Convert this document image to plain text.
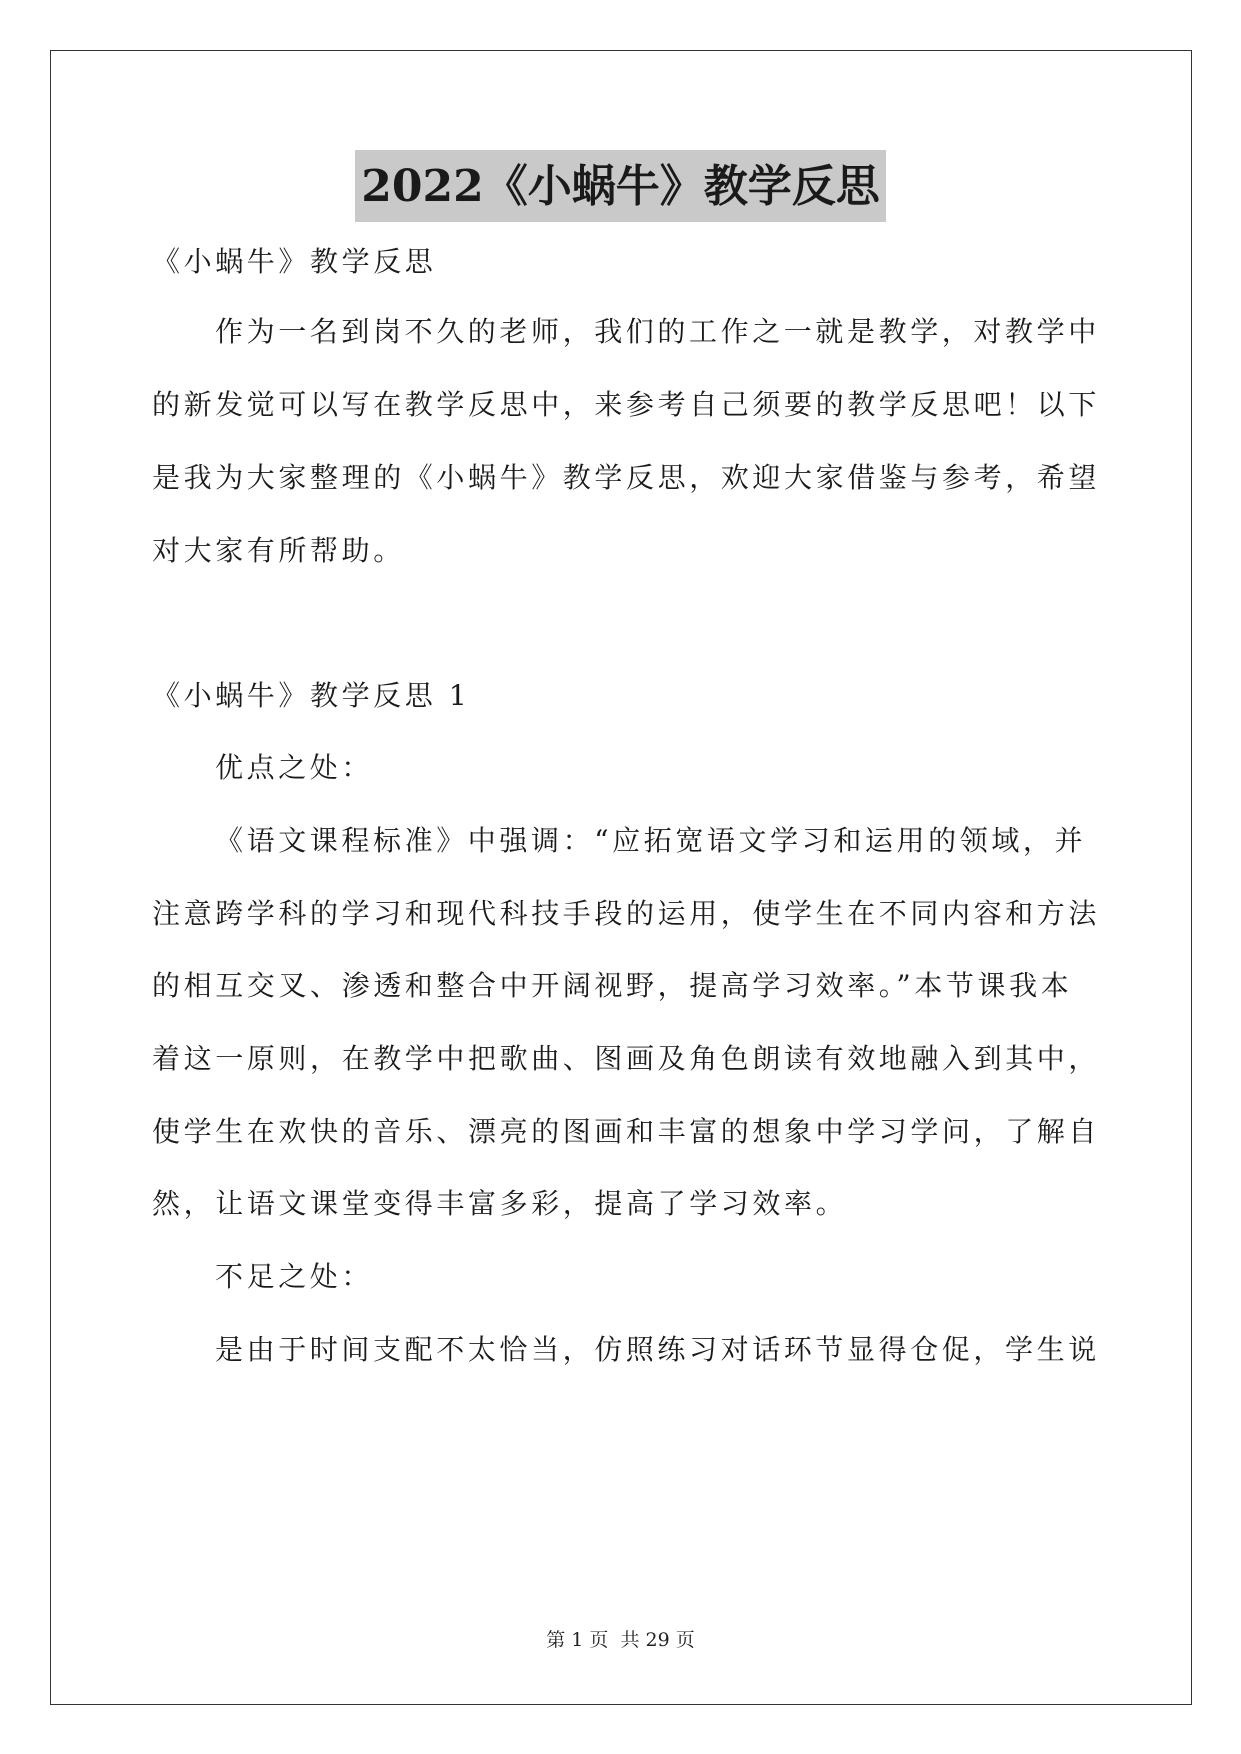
2022《小蜗牛》教学反思
《小蜗牛》教学反思
作为一名到岗不久的老师，我们的工作之一就是教学，对教学中
的新发觉可以写在教学反思中，来参考自己须要的教学反思吧！以下
是我为大家整理的《小蜗牛》教学反思，欢迎大家借鉴与参考，希望
对大家有所帮助。
《小蜗牛》教学反思 1
优点之处：
《语文课程标准》中强调：“应拓宽语文学习和运用的领域，并
注意跨学科的学习和现代科技手段的运用，使学生在不同内容和方法
的相互交叉、渗透和整合中开阔视野，提高学习效率。”本节课我本
着这一原则，在教学中把歌曲、图画及角色朗读有效地融入到其中，
使学生在欢快的音乐、漂亮的图画和丰富的想象中学习学问，了解自
然，让语文课堂变得丰富多彩，提高了学习效率。
不足之处：
是由于时间支配不太恰当，仿照练习对话环节显得仓促，学生说
第 1 页 共 29 页
